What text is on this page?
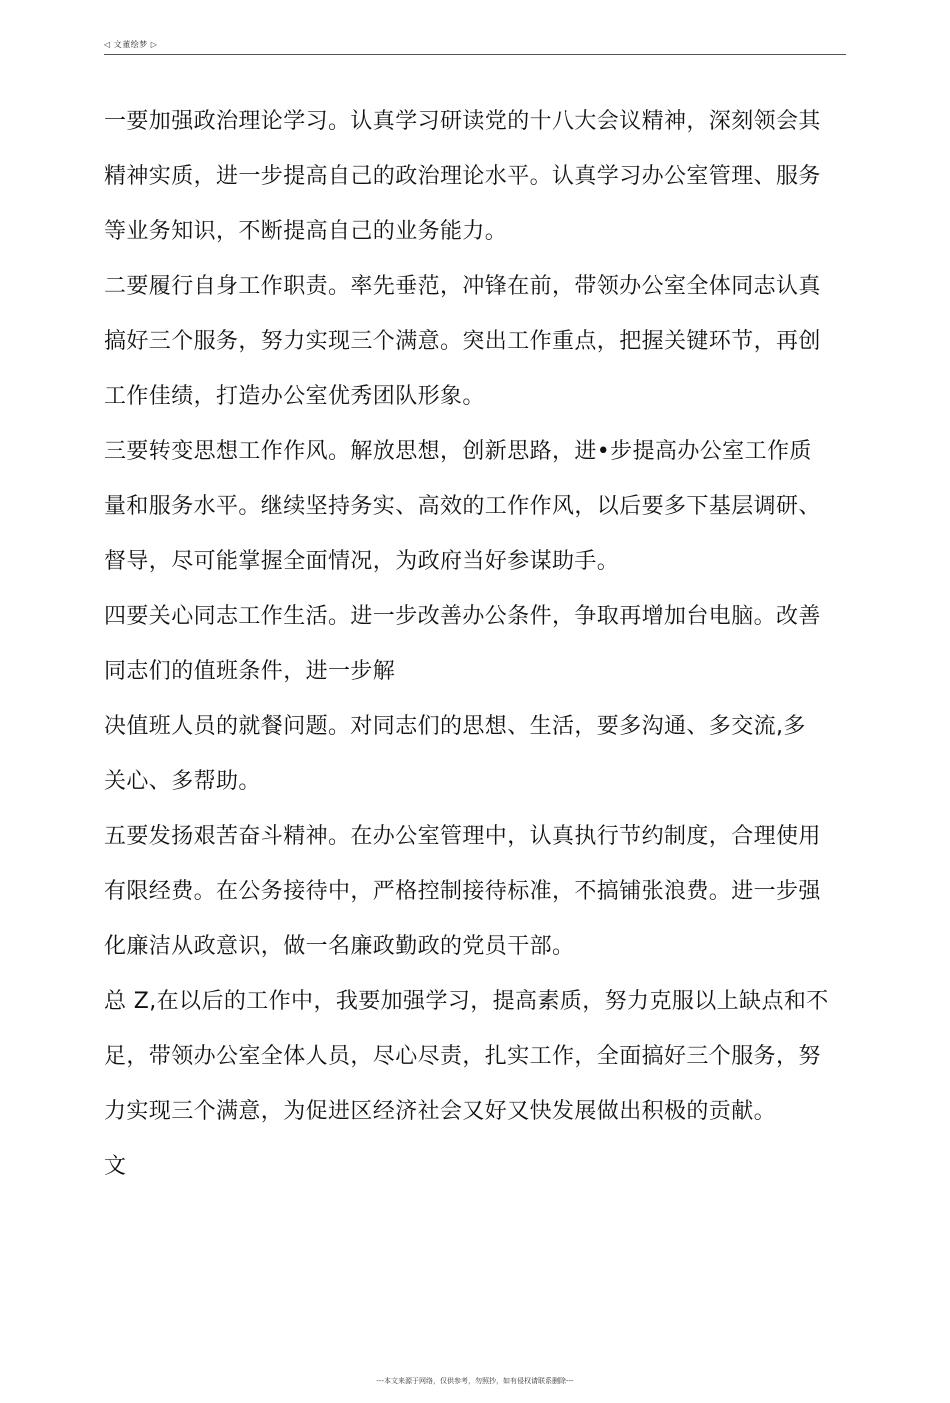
◁ 文董绘梦 ▷
一要加强政治理论学习。认真学习研读党的十八大会议精神，深刻领会其
精神实质，进一步提高自己的政治理论水平。认真学习办公室管理、服务
等业务知识，不断提高自己的业务能力。
二要履行自身工作职责。率先垂范，冲锋在前，带领办公室全体同志认真
搞好三个服务，努力实现三个满意。突出工作重点，把握关键环节，再创
工作佳绩，打造办公室优秀团队形象。
三要转变思想工作作风。解放思想，创新思路，进•步提高办公室工作质
量和服务水平。继续坚持务实、高效的工作作风，以后要多下基层调研、
督导，尽可能掌握全面情况，为政府当好参谋助手。
四要关心同志工作生活。进一步改善办公条件，争取再增加台电脑。改善
同志们的值班条件，进一步解
决值班人员的就餐问题。对同志们的思想、生活，要多沟通、多交流,多
关心、多帮助。
五要发扬艰苦奋斗精神。在办公室管理中，认真执行节约制度，合理使用
有限经费。在公务接待中，严格控制接待标准，不搞铺张浪费。进一步强
化廉洁从政意识，做一名廉政勤政的党员干部。
总 Z,在以后的工作中，我要加强学习，提高素质，努力克服以上缺点和不
足，带领办公室全体人员，尽心尽责，扎实工作，全面搞好三个服务，努
力实现三个满意，为促进区经济社会又好又快发展做出积极的贡献。
文
---本文来源于网络，仅供参考，勿照抄，如有侵权请联系删除---
